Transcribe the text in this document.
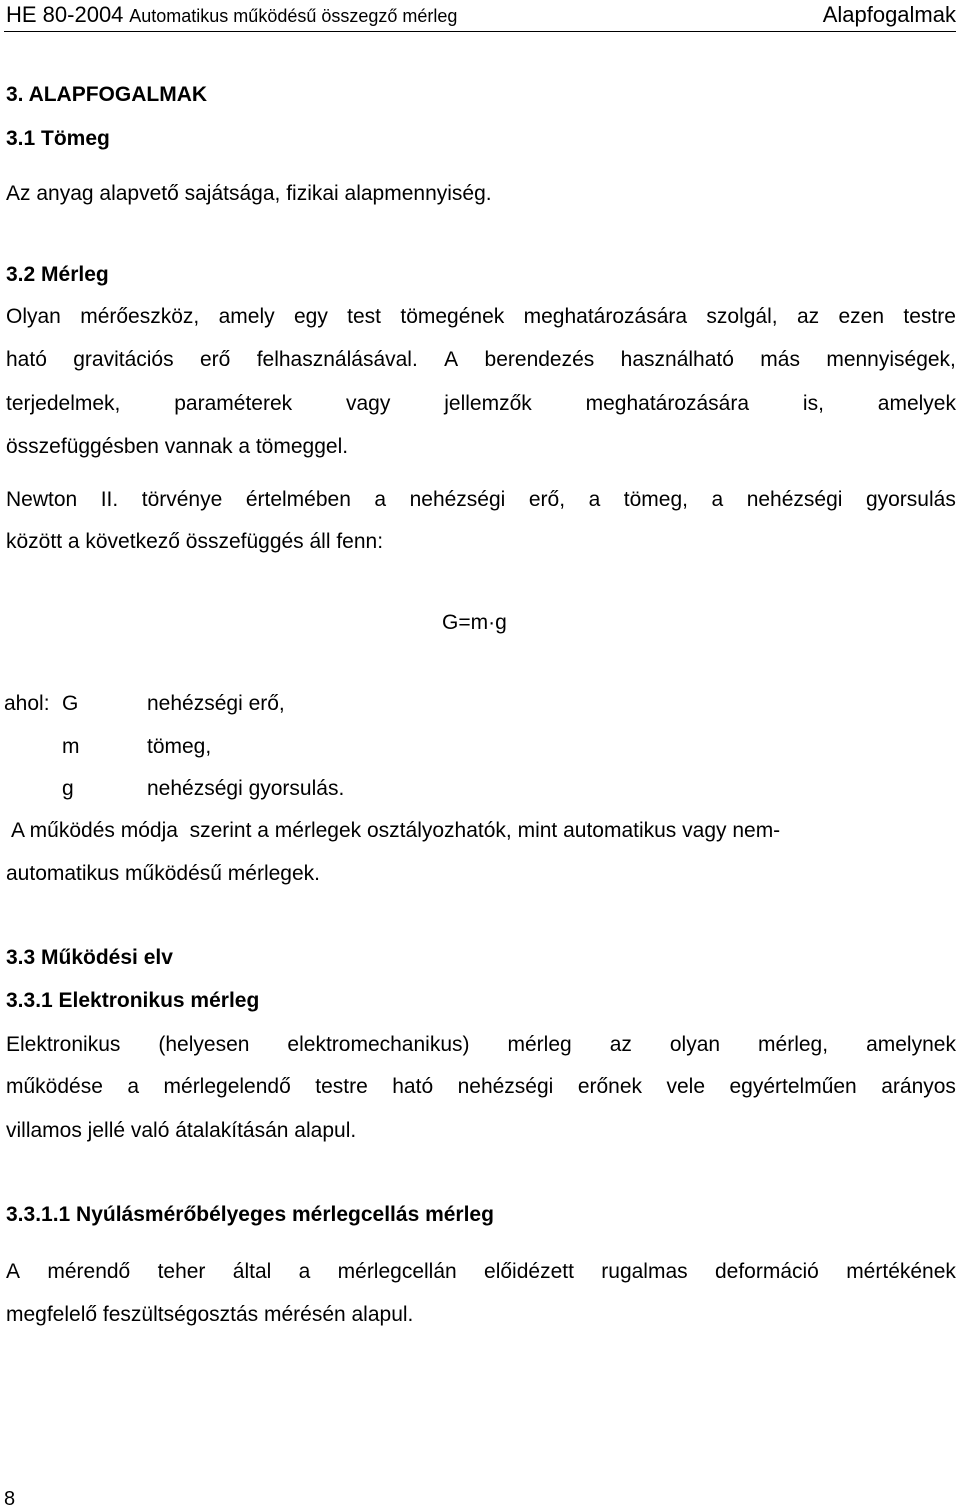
HE 80-2004 Automatikus működésű összegző mérleg	Alapfogalmak
3. ALAPFOGALMAK
3.1 Tömeg
Az anyag alapvető sajátsága, fizikai alapmennyiség.
3.2 Mérleg
Olyan mérőeszköz, amely egy test tömegének meghatározására szolgál, az ezen testre
ható gravitációs erő felhasználásával. A berendezés használható más mennyiségek,
terjedelmek,	paraméterek	vagy	jellemzők	meghatározására	is,	amelyek
összefüggésben vannak a tömeggel.
Newton II. törvénye értelmében a nehézségi erő, a tömeg, a nehézségi gyorsulás
között a következő összefüggés áll fenn:
G=m·g
ahol: G	nehézségi erő,
m	tömeg,
g	nehézségi gyorsulás.
A működés módja  szerint a mérlegek osztályozhatók, mint automatikus vagy nem-
automatikus működésű mérlegek.
3.3 Működési elv
3.3.1 Elektronikus mérleg
Elektronikus (helyesen elektromechanikus) mérleg az olyan mérleg, amelynek
működése a mérlegelendő testre ható nehézségi erőnek vele egyértelműen arányos
villamos jellé való átalakításán alapul.
3.3.1.1 Nyúlásmérőbélyeges mérlegcellás mérleg
A mérendő teher által a mérlegcellán előidézett rugalmas deformáció mértékének
megfelelő feszültségosztás mérésén alapul.
8
